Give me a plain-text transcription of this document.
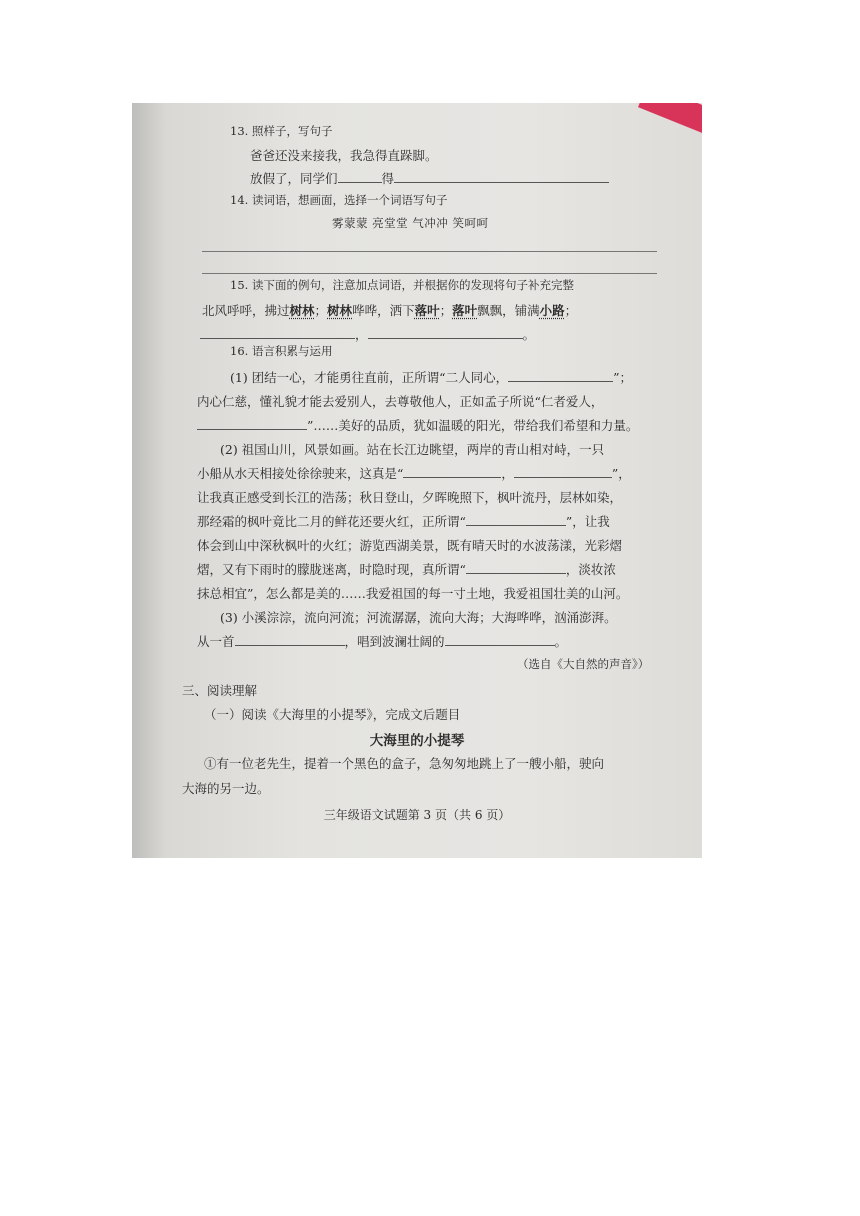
13. 照样子，写句子
爸爸还没来接我，我急得直跺脚。
放假了，同学们	得
14. 读词语，想画面，选择一个词语写句子
雾蒙蒙 亮堂堂 气冲冲 笑呵呵
15. 读下面的例句，注意加点词语，并根据你的发现将句子补充完整
北风呼呼，拂过树林；树林哗哗，洒下落叶；落叶飘飘，铺满小路；
，	。
16. 语言积累与运用
(1) 团结一心，才能勇往直前，正所谓“二人同心，	”；
内心仁慈，懂礼貌才能去爱别人，去尊敬他人，正如孟子所说“仁者爱人，
”……美好的品质，犹如温暖的阳光，带给我们希望和力量。
(2) 祖国山川，风景如画。站在长江边眺望，两岸的青山相对峙，一只
小船从水天相接处徐徐驶来，这真是“	，	”，
让我真正感受到长江的浩荡；秋日登山，夕晖晚照下，枫叶流丹，层林如染，
那经霜的枫叶竟比二月的鲜花还要火红，正所谓“	”，让我
体会到山中深秋枫叶的火红；游览西湖美景，既有晴天时的水波荡漾，光彩熠
熠，又有下雨时的朦胧迷离，时隐时现，真所谓“	，淡妆浓
抹总相宜”，怎么都是美的……我爱祖国的每一寸土地，我爱祖国壮美的山河。
(3) 小溪淙淙，流向河流；河流潺潺，流向大海；大海哗哗，汹涌澎湃。
从一首	，唱到波澜壮阔的	。
（选自《大自然的声音》）
三、阅读理解
（一）阅读《大海里的小提琴》，完成文后题目
大海里的小提琴
①有一位老先生，提着一个黑色的盒子，急匆匆地跳上了一艘小船，驶向
大海的另一边。
三年级语文试题第 3 页（共 6 页）
